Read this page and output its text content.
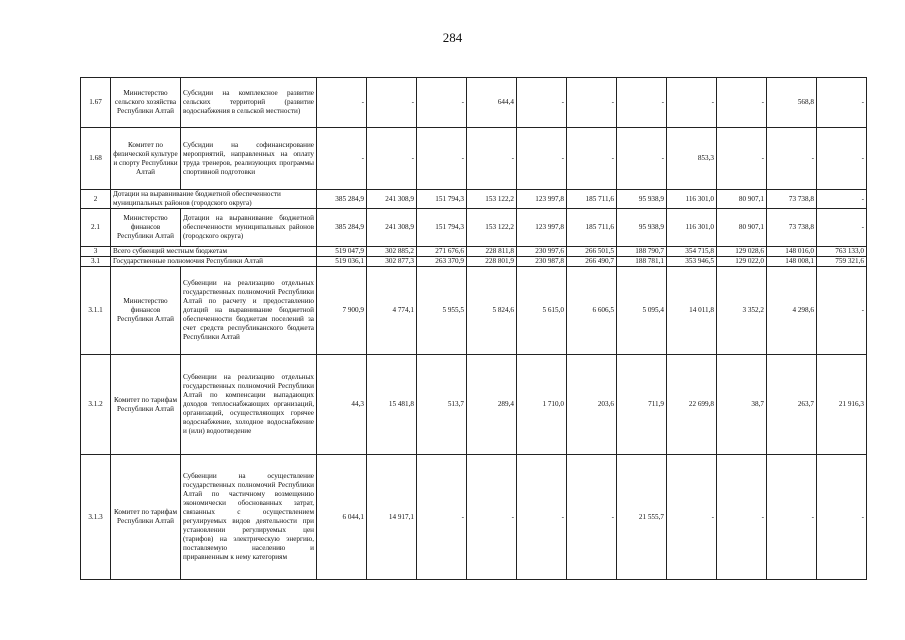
284
1.67	Министерство сельского хозяйства Республики Алтай	Субсидии на комплексное развитие сельских территорий (развитие водоснабжения в сельской местности)	-	-	-	644,4	-	-	-	-	-	568,8	-
1.68	Комитет по физической культуре и спорту Республики Алтай	Субсидии на софинансирование мероприятий, направленных на оплату труда тренеров, реализующих программы спортивной подготовки	-	-	-	-	-	-	-	853,3	-	-	-
2	Дотации на выравнивание бюджетной обеспеченности муниципальных районов (городского округа)		385 284,9	241 308,9	151 794,3	153 122,2	123 997,8	185 711,6	95 938,9	116 301,0	80 907,1	73 738,8	-
2.1	Министерство финансов Республики Алтай	Дотации на выравнивание бюджетной обеспеченности муниципальных районов (городского округа)	385 284,9	241 308,9	151 794,3	153 122,2	123 997,8	185 711,6	95 938,9	116 301,0	80 907,1	73 738,8	-
3	Всего субвенций местным бюджетам		519 047,9	302 885,2	271 676,6	228 811,8	230 997,6	266 501,5	188 790,7	354 715,8	129 028,6	148 016,0	763 133,0
3.1	Государственные полномочия Республики Алтай		519 036,1	302 877,3	263 370,9	228 801,9	230 987,8	266 490,7	188 781,1	353 946,5	129 022,0	148 008,1	759 321,6
3.1.1	Министерство финансов Республики Алтай	Субвенции на реализацию отдельных государственных полномочий Республики Алтай по расчету и предоставлению дотаций на выравнивание бюджетной обеспеченности бюджетам поселений за счет средств республиканского бюджета Республики Алтай	7 900,9	4 774,1	5 955,5	5 824,6	5 615,0	6 606,5	5 095,4	14 011,8	3 352,2	4 298,6	-
3.1.2	Комитет по тарифам Республики Алтай	Субвенции на реализацию отдельных государственных полномочий Республики Алтай по компенсации выпадающих доходов теплоснабжающих организаций, организаций, осуществляющих горячее водоснабжение, холодное водоснабжение и (или) водоотведение	44,3	15 481,8	513,7	289,4	1 710,0	203,6	711,9	22 699,8	38,7	263,7	21 916,3
3.1.3	Комитет по тарифам Республики Алтай	Субвенции на осуществление государственных полномочий Республики Алтай по частичному возмещению экономически обоснованных затрат, связанных с осуществлением регулируемых видов деятельности при установлении регулируемых цен (тарифов) на электрическую энергию, поставляемую населению и приравненным к нему категориям	6 044,1	14 917,1	-	-	-	-	21 555,7	-	-	-	-
